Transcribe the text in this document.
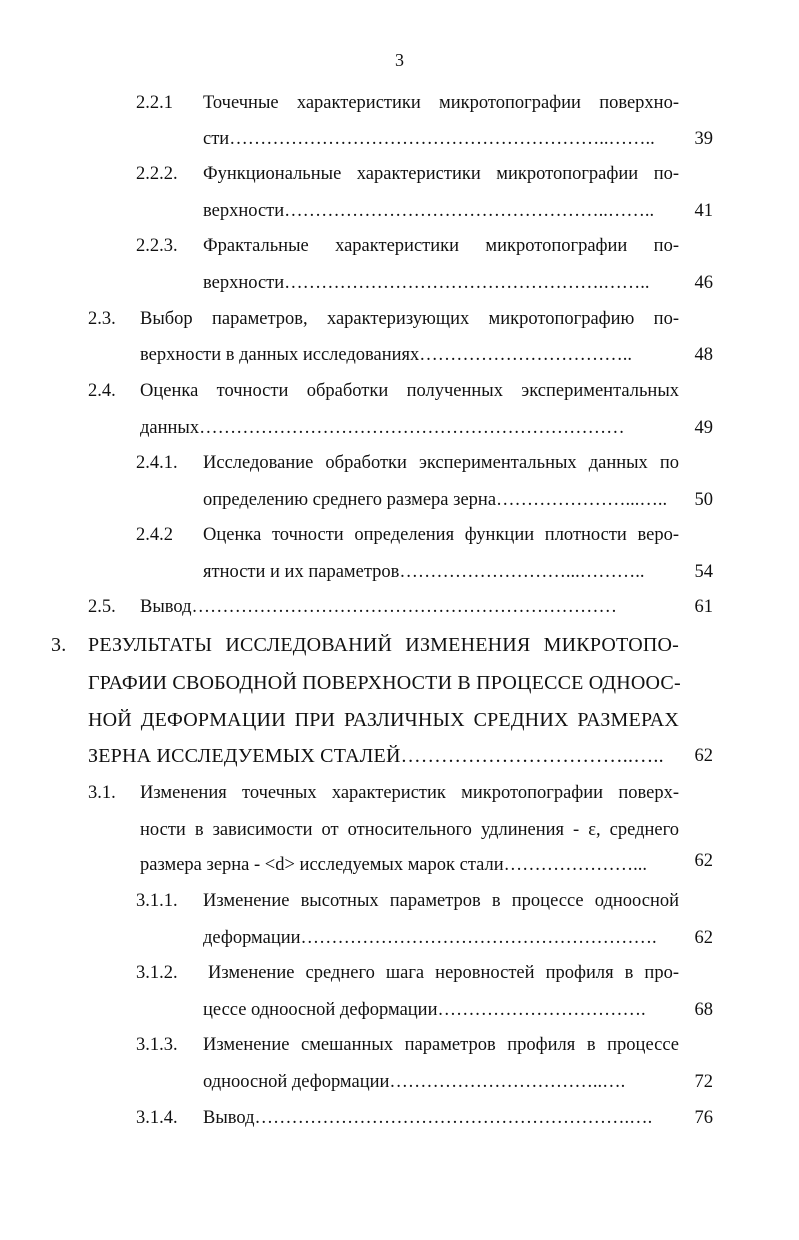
3
2.2.1 Точечные характеристики микротопографии поверхно-
сти……………………………………………………..……..	39
2.2.2. Функциональные характеристики микротопографии по-
верхности……………………………………………..……..	41
2.2.3. Фрактальные характеристики микротопографии по-
верхности…………………………………………….……..	46
2.3. Выбор параметров, характеризующих микротопографию по-
верхности в данных исследованиях……………………………..	48
2.4. Оценка точности обработки полученных экспериментальных
данных……………………………………………………………	49
2.4.1. Исследование обработки экспериментальных данных по
определению среднего размера зерна…………………...…..	50
2.4.2 Оценка точности определения функции плотности веро-
ятности и их параметров………………………...………..	54
2.5. Вывод……………………………………………………………	61
3. РЕЗУЛЬТАТЫ ИССЛЕДОВАНИЙ ИЗМЕНЕНИЯ МИКРОТОПО-
ГРАФИИ СВОБОДНОЙ ПОВЕРХНОСТИ В ПРОЦЕССЕ ОДНООС-
НОЙ ДЕФОРМАЦИИ ПРИ РАЗЛИЧНЫХ СРЕДНИХ РАЗМЕРАХ
ЗЕРНА ИССЛЕДУЕМЫХ СТАЛЕЙ……………………………..…..	62
3.1. Изменения точечных характеристик микротопографии поверх-
ности в зависимости от относительного удлинения - ε, среднего
размера зерна - <d> исследуемых марок стали…………………...	62
3.1.1. Изменение высотных параметров в процессе одноосной
деформации………………………………………………….	62
3.1.2. Изменение среднего шага неровностей профиля в про-
цессе одноосной деформации…………………………….	68
3.1.3. Изменение смешанных параметров профиля в процессе
одноосной деформации……………………………..….	72
3.1.4. Вывод…………………………………………………….….	76
